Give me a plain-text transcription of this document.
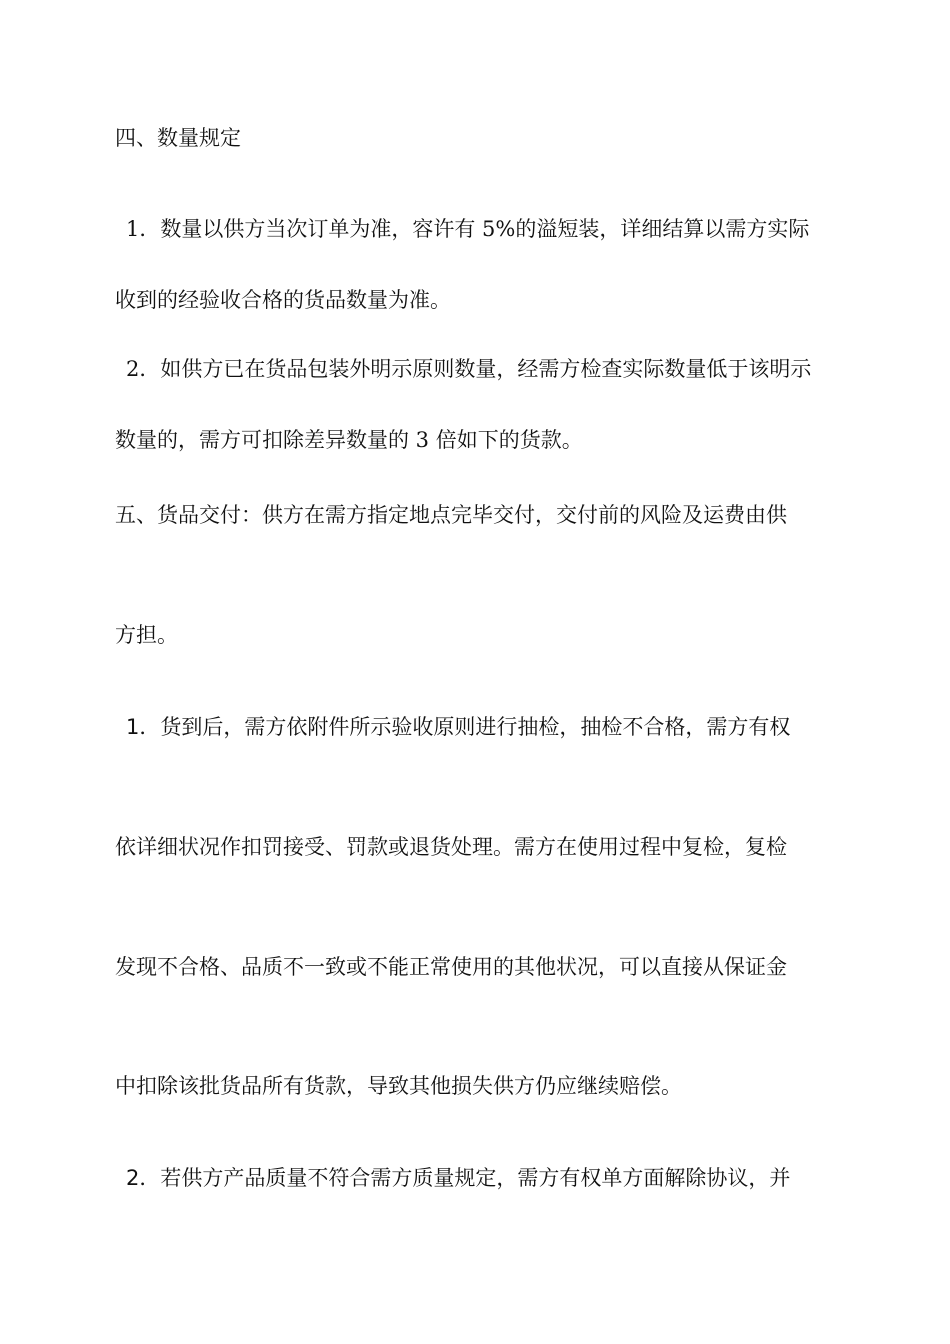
四、数量规定
1．数量以供方当次订单为准，容许有 5%的溢短装，详细结算以需方实际
收到的经验收合格的货品数量为准。
2．如供方已在货品包装外明示原则数量，经需方检查实际数量低于该明示
数量的，需方可扣除差异数量的 3 倍如下的货款。
五、货品交付：供方在需方指定地点完毕交付，交付前的风险及运费由供
方担。
1．货到后，需方依附件所示验收原则进行抽检，抽检不合格，需方有权
依详细状况作扣罚接受、罚款或退货处理。需方在使用过程中复检，复检
发现不合格、品质不一致或不能正常使用的其他状况，可以直接从保证金
中扣除该批货品所有货款，导致其他损失供方仍应继续赔偿。
2．若供方产品质量不符合需方质量规定，需方有权单方面解除协议，并
